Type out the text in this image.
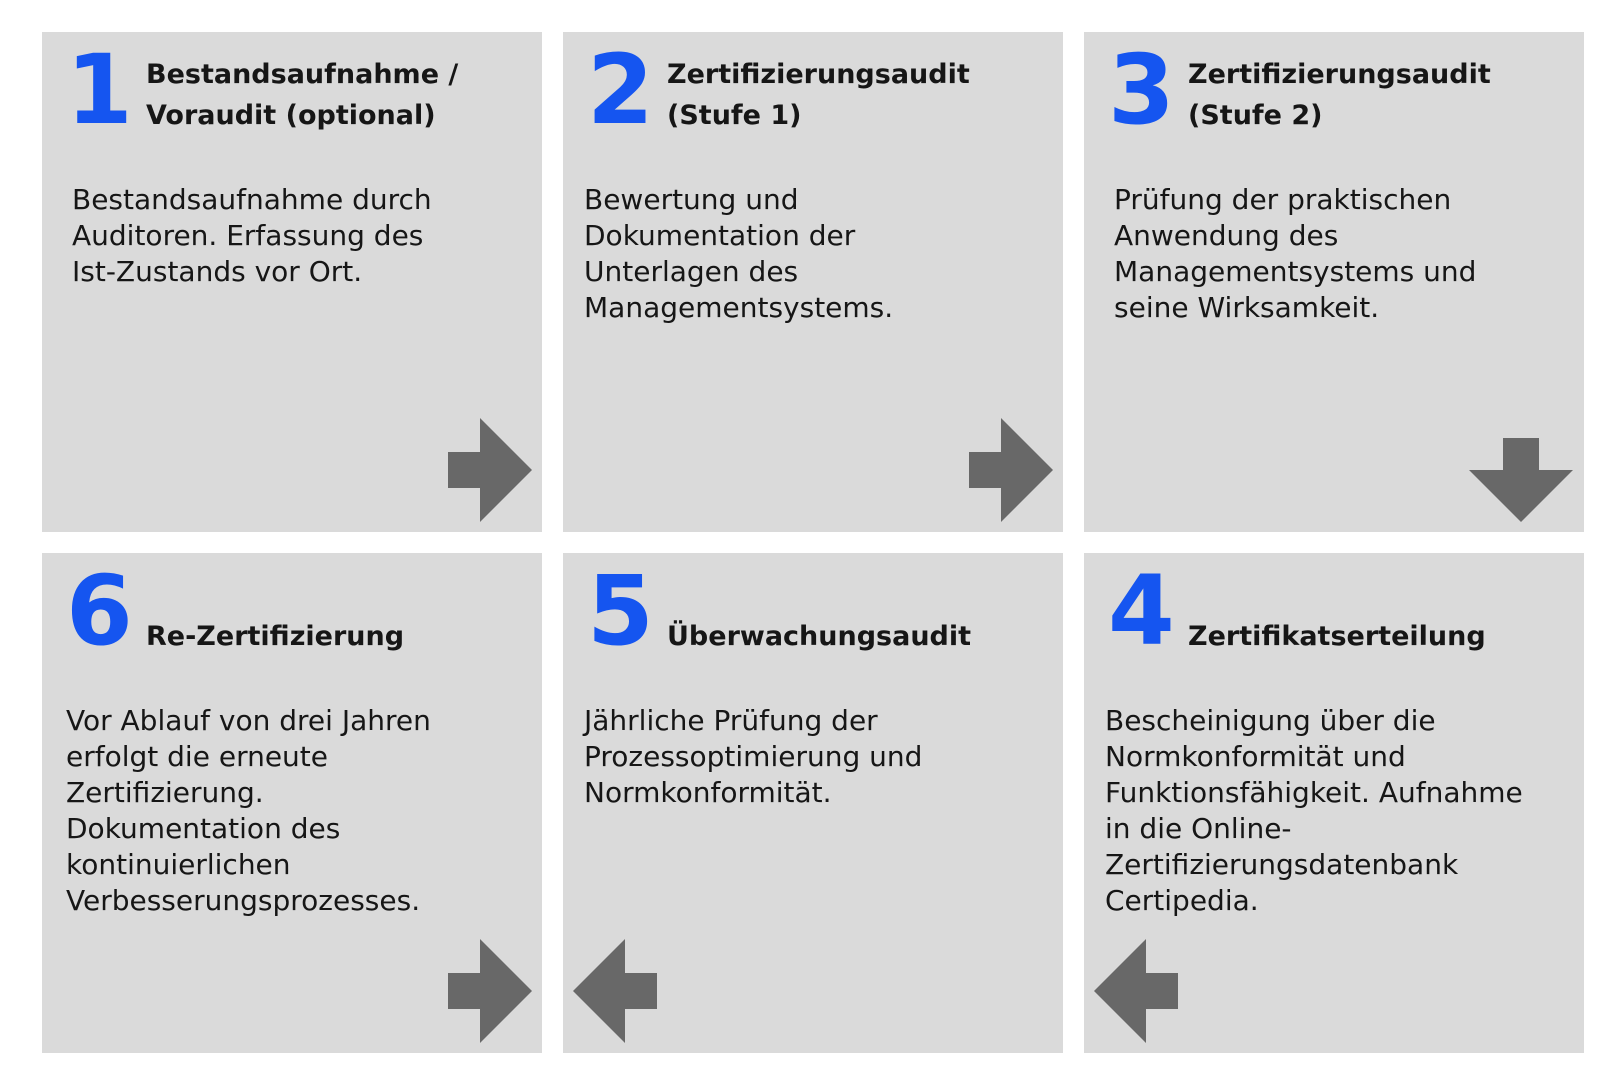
1 Bestandsaufnahme / Voraudit (optional)
Bestandsaufnahme durch Auditoren. Erfassung des Ist-Zustands vor Ort.
2 Zertifizierungsaudit (Stufe 1)
Bewertung und Dokumentation der Unterlagen des Managementsystems.
3 Zertifizierungsaudit (Stufe 2)
Prüfung der praktischen Anwendung des Managementsystems und seine Wirksamkeit.
6 Re-Zertifizierung
Vor Ablauf von drei Jahren erfolgt die erneute Zertifizierung. Dokumentation des kontinuierlichen Verbesserungsprozesses.
5 Überwachungsaudit
Jährliche Prüfung der Prozessoptimierung und Normkonformität.
4 Zertifikatserteilung
Bescheinigung über die Normkonformität und Funktionsfähigkeit. Aufnahme in die Online-Zertifizierungsdatenbank Certipedia.
